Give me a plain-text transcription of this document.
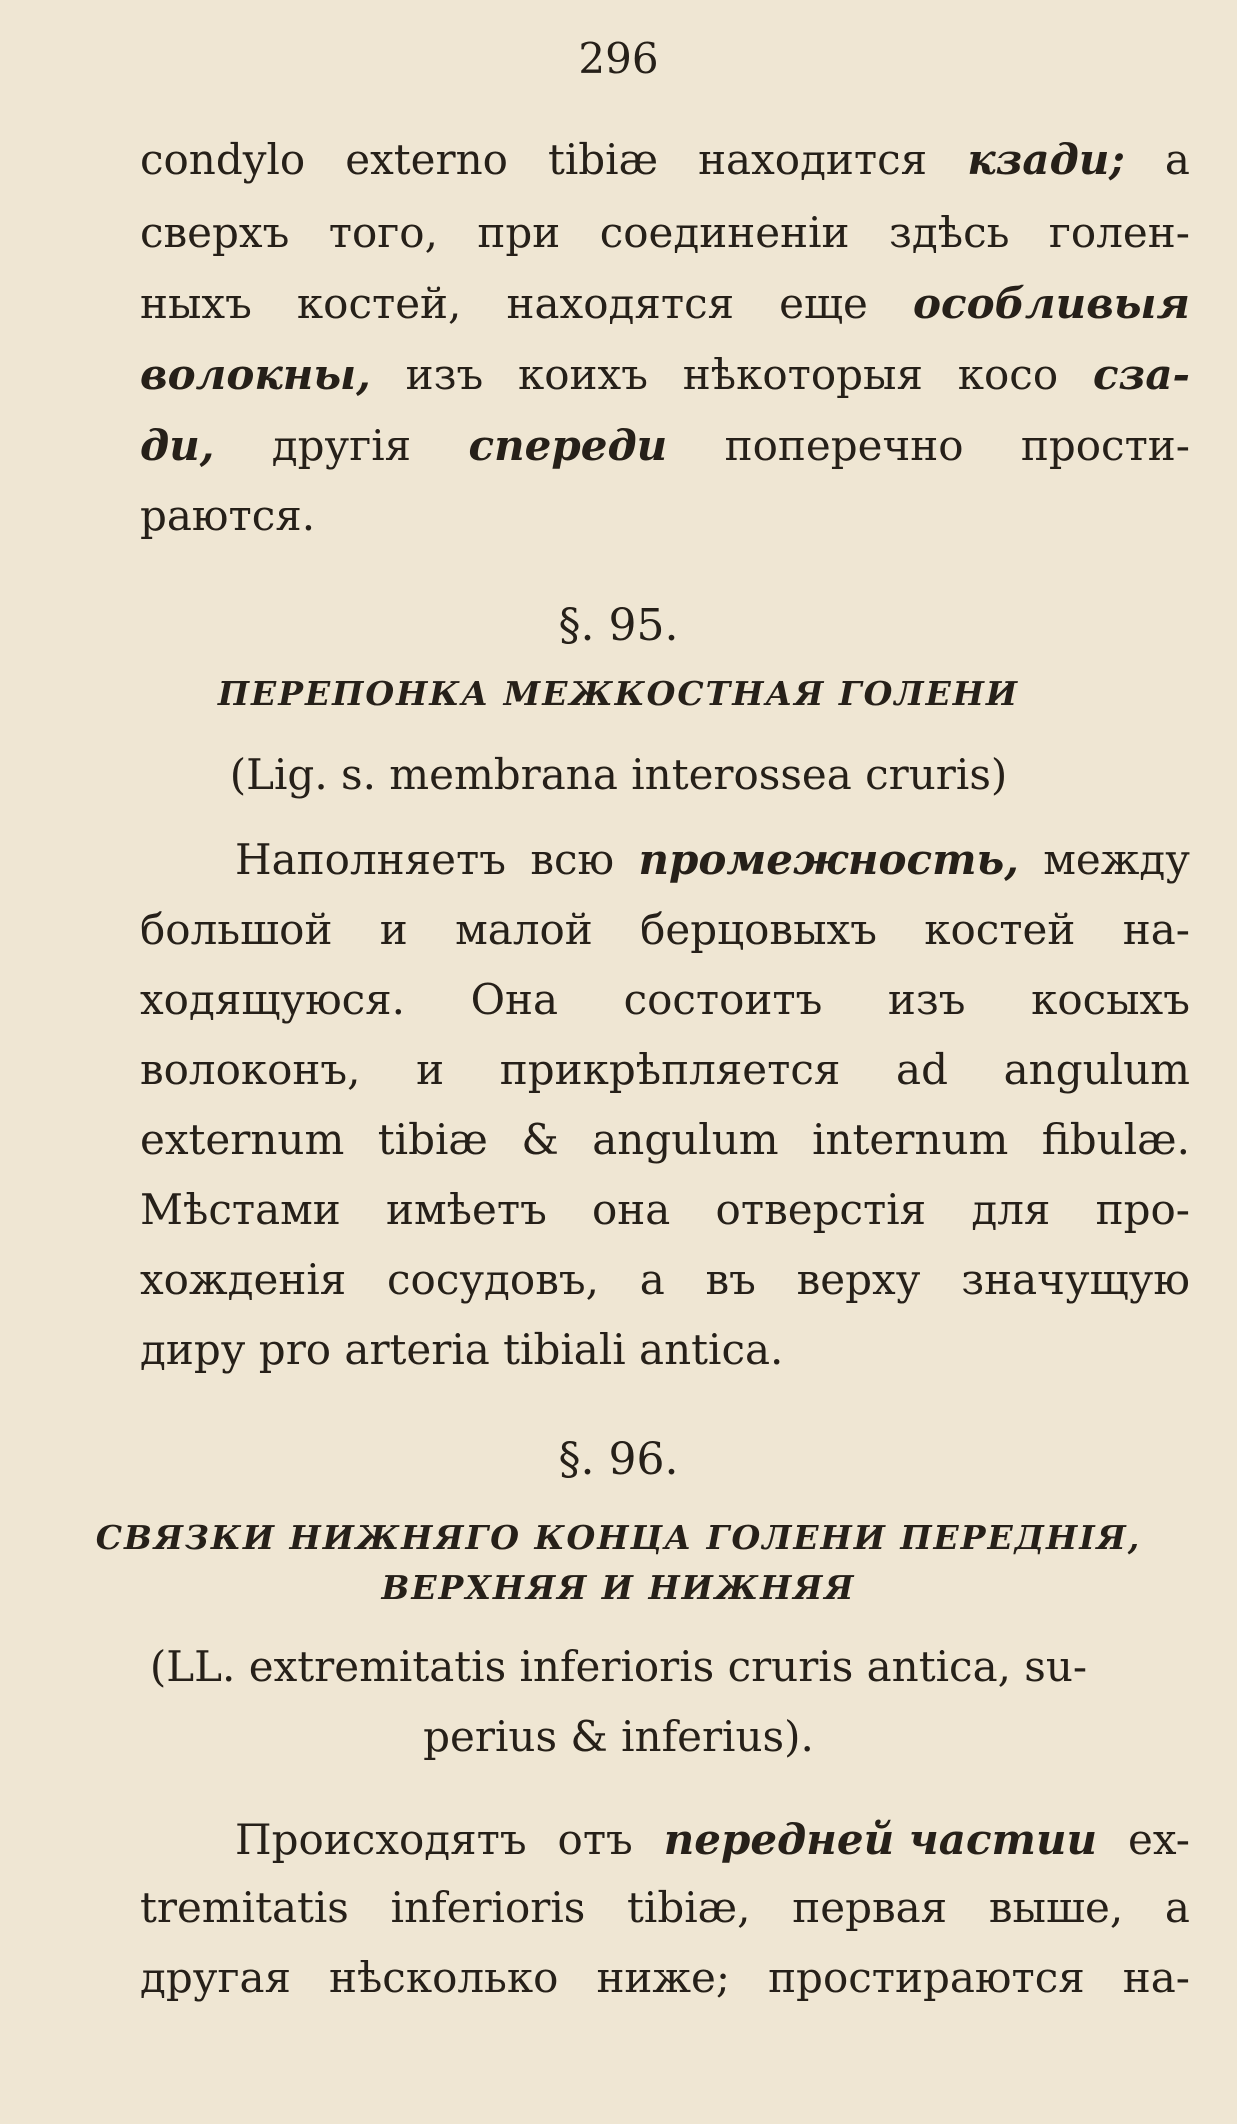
296
condylo externo tibiæ находится кзади; а
сверхъ того, при соединенiи здѣсь голен-
ныхъ костей, находятся еще особливыя
волокны, изъ коихъ нѣкоторыя косо сза-
ди, другiя спереди поперечно прости-
раются.
§. 95.
ПЕРЕПОНКА МЕЖКОСТНАЯ ГОЛЕНИ
(Lig. s. membrana interossea cruris)
Наполняетъ всю промежность, между
большой и малой берцовыхъ костей на-
ходящуюся. Она состоитъ изъ косыхъ
волоконъ, и прикрѣпляется ad angulum
externum tibiæ & angulum internum fibulæ.
Мѣстами имѣетъ она отверстiя для про-
хожденiя сосудовъ, а въ верху значущую
диру pro arteria tibiali antica.
§. 96.
СВЯЗКИ НИЖНЯГО КОНЦА ГОЛЕНИ ПЕРЕДНIЯ,
ВЕРХНЯЯ И НИЖНЯЯ
(LL. extremitatis inferioris cruris antica, su-
perius & inferius).
Происходятъ отъ передней частии ex-
tremitatis inferioris tibiæ, первая выше, а
другая нѣсколько ниже; простираются на-
